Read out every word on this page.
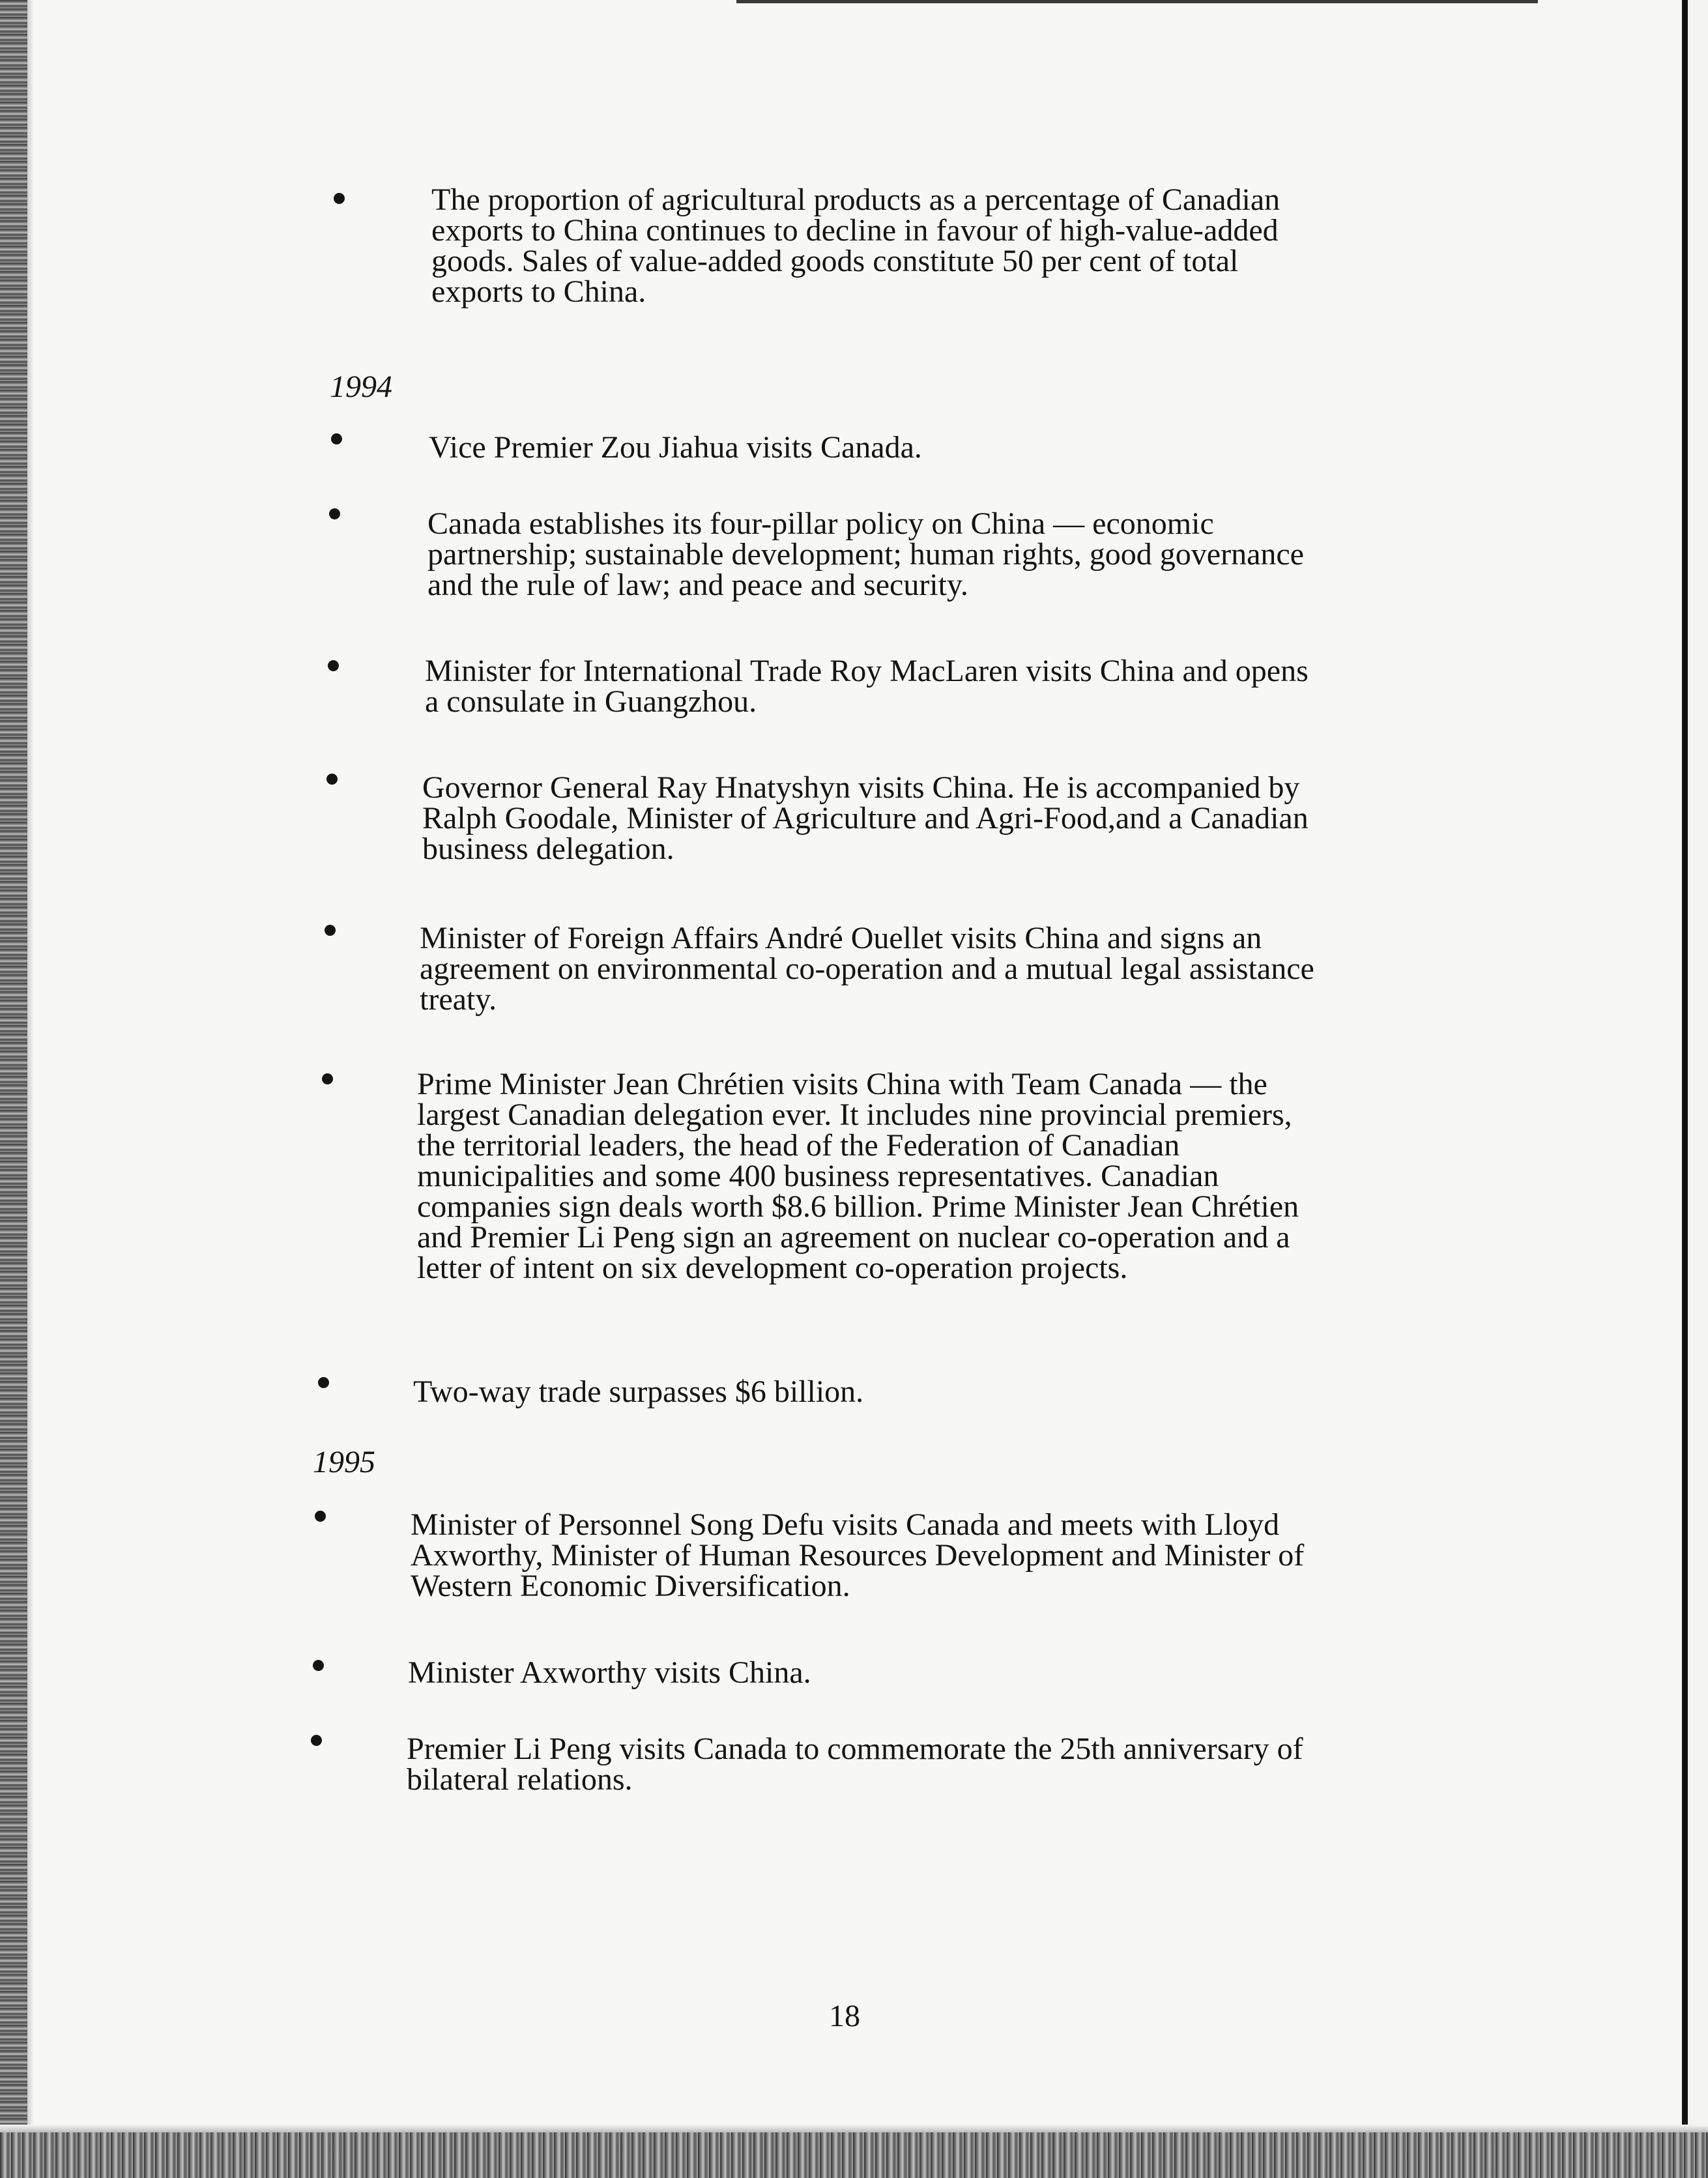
The proportion of agricultural products as a percentage of Canadian
exports to China continues to decline in favour of high-value-added
goods. Sales of value-added goods constitute 50 per cent of total
exports to China.
1994
Vice Premier Zou Jiahua visits Canada.
Canada establishes its four-pillar policy on China — economic
partnership; sustainable development; human rights, good governance
and the rule of law; and peace and security.
Minister for International Trade Roy MacLaren visits China and opens
a consulate in Guangzhou.
Governor General Ray Hnatyshyn visits China. He is accompanied by
Ralph Goodale, Minister of Agriculture and Agri-Food,and a Canadian
business delegation.
Minister of Foreign Affairs André Ouellet visits China and signs an
agreement on environmental co-operation and a mutual legal assistance
treaty.
Prime Minister Jean Chrétien visits China with Team Canada — the
largest Canadian delegation ever. It includes nine provincial premiers,
the territorial leaders, the head of the Federation of Canadian
municipalities and some 400 business representatives. Canadian
companies sign deals worth $8.6 billion. Prime Minister Jean Chrétien
and Premier Li Peng sign an agreement on nuclear co-operation and a
letter of intent on six development co-operation projects.
Two-way trade surpasses $6 billion.
1995
Minister of Personnel Song Defu visits Canada and meets with Lloyd
Axworthy, Minister of Human Resources Development and Minister of
Western Economic Diversification.
Minister Axworthy visits China.
Premier Li Peng visits Canada to commemorate the 25th anniversary of
bilateral relations.
18
